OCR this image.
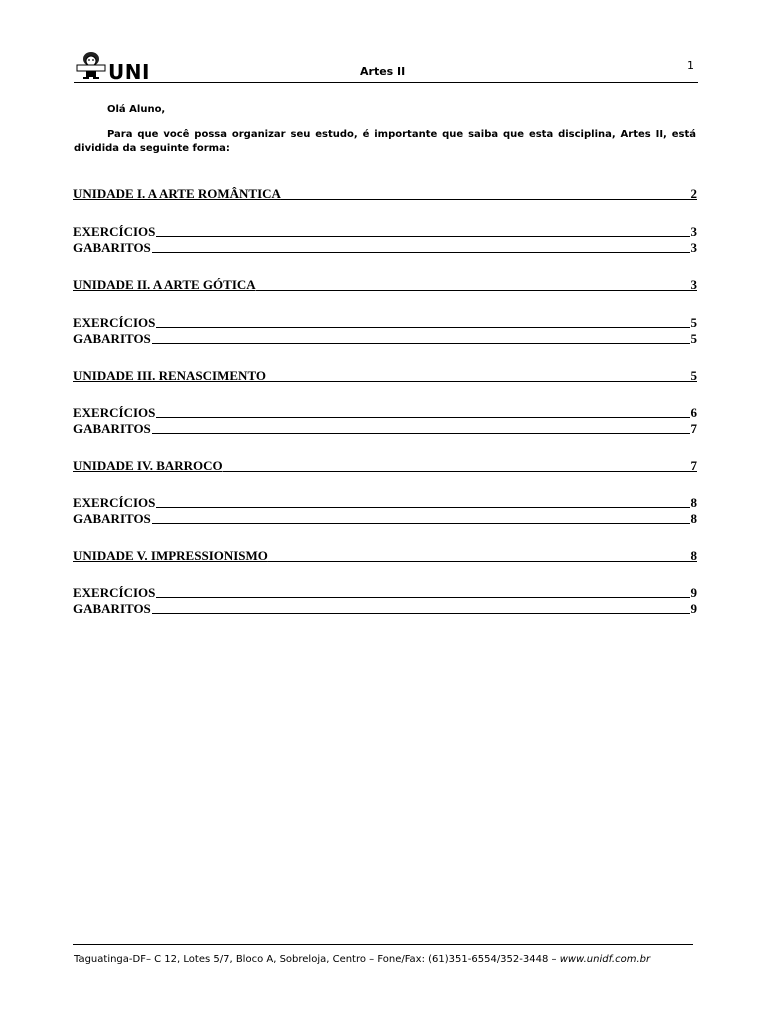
UNI	Artes II	1
Olá Aluno,

Para que você possa organizar seu estudo, é importante que saiba que esta disciplina, Artes II, está dividida da seguinte forma:

UNIDADE I. A ARTE ROMÂNTICA	2
EXERCÍCIOS	3
GABARITOS	3
UNIDADE II. A ARTE GÓTICA	3
EXERCÍCIOS	5
GABARITOS	5
UNIDADE III. RENASCIMENTO	5
EXERCÍCIOS	6
GABARITOS	7
UNIDADE IV. BARROCO	7
EXERCÍCIOS	8
GABARITOS	8
UNIDADE V. IMPRESSIONISMO	8
EXERCÍCIOS	9
GABARITOS	9
Taguatinga-DF– C 12, Lotes 5/7, Bloco A, Sobreloja, Centro – Fone/Fax: (61)351-6554/352-3448 – www.unidf.com.br
